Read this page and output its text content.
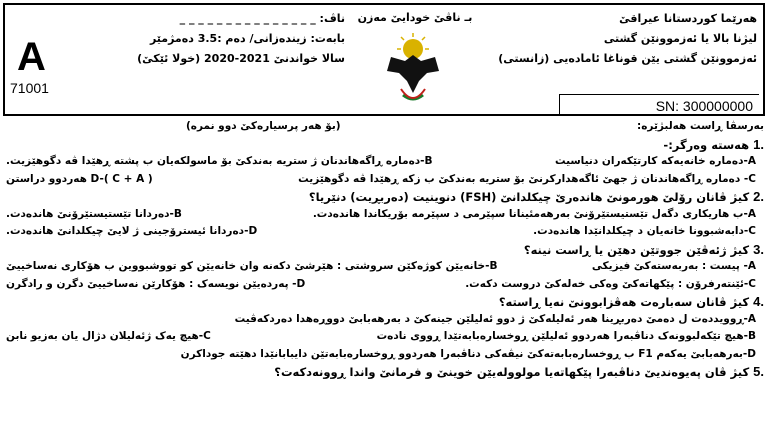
A
71001
ناڤ: _ _ _ _ _ _ _ _ _ _ _ _ _ _ _
بابەت: زیندەزانی/ دەم :3.5 دەمژمێر
سالا خواندنێ 2021-2020 (خولا ئێکێ)
بـ ناڤێ خودایێ مەزن	هەرێما كوردستانا عیراقێ
لیژنا بالا یا ئەزموونێن گشتی
ئەزموونێن گشتی یێن قوناغا ئامادەیی (زانستی)
SN: 300000000
بەرسڤا ڕاست هەلبژێرە:
(بۆ هەر پرسیارەکێ دوو نمرە)
.1 هەستە وەرگر:-
A-دەماره خانەیەکە کارتێکەران دنیاسیت
B-دەماره ڕاگەهاندنان ژ ستریە بەندکێ بۆ ماسولکەیان ب پشتە ڕهێدا ڤە دگوهێزیت.
C- دەماره ڕاگەهاندنان ژ جهێ ئاگەهدارکرنێ بۆ ستریە بەندکێ ب زکە ڕهێدا ڤە دگوهێزیت
D-( C + A ) هەردوو دراستن
.2 کیژ ڤانان رۆلێ هورمونێ هاندەرێ چیکلدانێ (FSH) دنوینیت (دەربڕیت) دنێریا؟
A-ب هاریکاری دگەل تێستیستێرۆنێ بەرهەمئینانا سپێرمی د سپێرمە بۆریکاندا هاندەدت.
B-دەردانا تێستیستێرۆنێ هاندەدت.
C-دابەشبوونا خانەیان د چیکلدانێدا هاندەدت.
D-دەردانا ئیسترۆجینی ژ لایێ چیکلدانێ هاندەدت.
.3 کیژ ژئەڤێن جووتێن دهێن یا ڕاست نینە؟
A- پیست : بەربەستەکێ فیزیکی
B-خانەیێن کوژەکێن سروشتی : هێرشێ دکەنە وان خانەیێن کو تووشبووین ب هۆکاری نەساخییێ
C-ئێنتەرفرۆن : پێکهاتەکێ وەکی خەلەکێ دروست دکەت.
D- پەردەیێن نویسەک : هۆکارێن نەساخییێ دگرن و رادگرن
.4 کیژ ڤانان سەبارەت هەڤزابوونێ نەیا ڕاستە؟
A-ڕوویددەت ل دەمێ دەربڕینا هەر ئەلیلەکێ ژ دوو ئەلیلێن جینەکێ د بەرهەبابێ دووڕەهدا دەردکەڤیت
B-هیچ تێکەلبوونەک دناڤبەرا هەردوو ئەلیلێن ڕوخسارەبابەتێدا ڕووی نادەت
C-هیچ یەک ژئەلیلان دژال یان بەزیو نابن
D-بەرهەبابێ یەکەم F1 ب ڕوخسارەبابەتەکێ نیڤەکی دناڤبەرا هەردوو ڕوخسارەبابەتێن دایبابانێدا دهێتە جوداکرن
.5 کیژ ڤان پەیوەندیێ دناڤبەرا پێکهاتەیا مولوولەیێن خوینێ و فرمانێ واندا ڕوونەدکەت؟
